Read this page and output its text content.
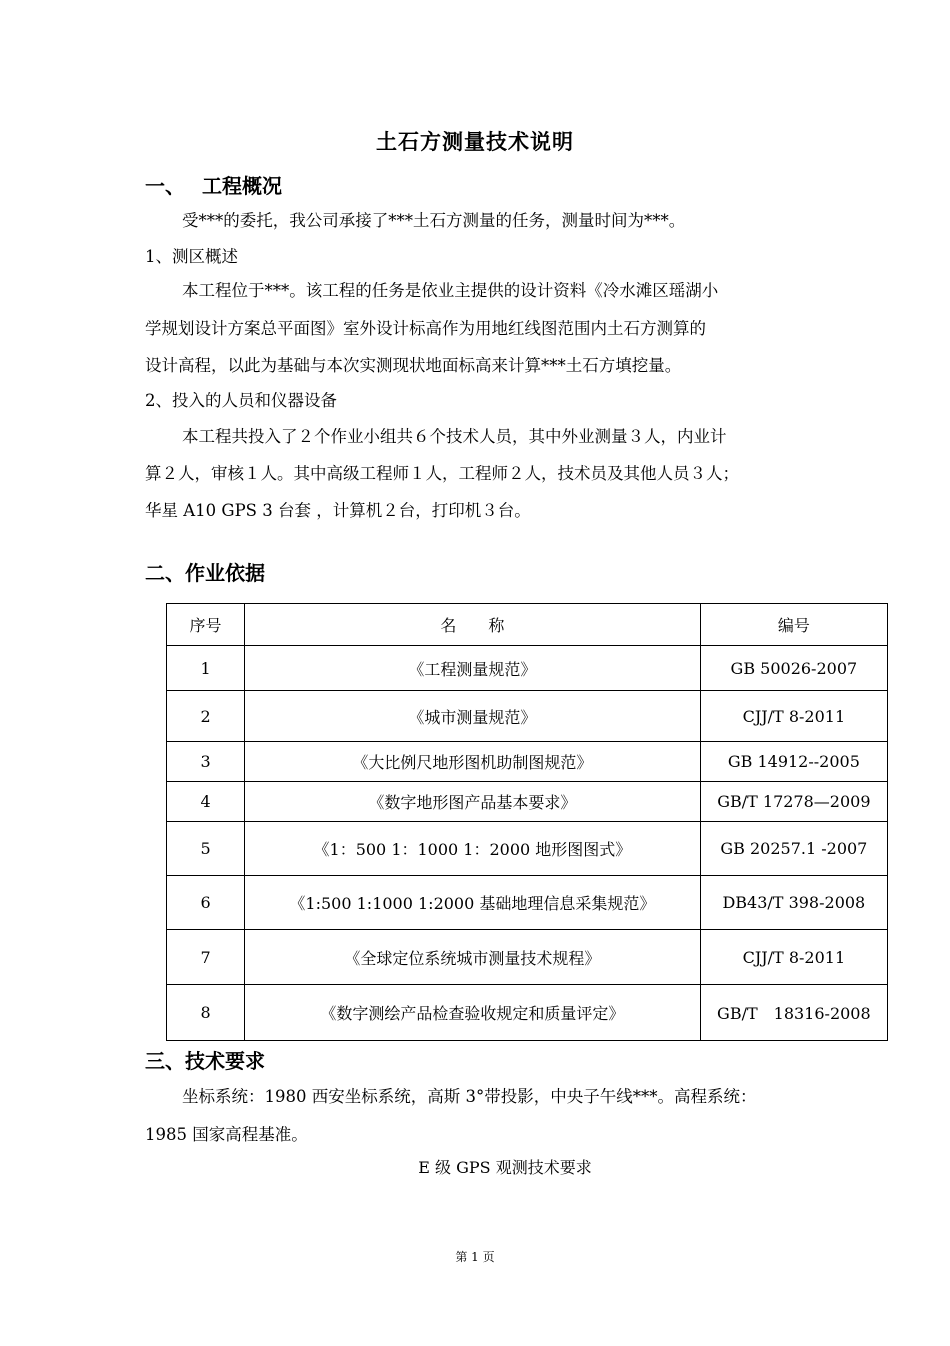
土石方测量技术说明
一、 工程概况
受***的委托，我公司承接了***土石方测量的任务，测量时间为***。
1、测区概述
本工程位于***。该工程的任务是依业主提供的设计资料《冷水滩区瑶湖小
学规划设计方案总平面图》室外设计标高作为用地红线图范围内土石方测算的
设计高程，以此为基础与本次实测现状地面标高来计算***土石方填挖量。
2、投入的人员和仪器设备
本工程共投入了２个作业小组共６个技术人员，其中外业测量３人，内业计
算２人，审核１人。其中高级工程师１人，工程师２人，技术员及其他人员３人；
华星 A10 GPS 3 台套 ，计算机２台，打印机３台。
二、作业依据
序号	名　　称	编号
1	《工程测量规范》	GB 50026-2007
2	《城市测量规范》	CJJ/T 8-2011
3	《大比例尺地形图机助制图规范》	GB 14912--2005
4	《数字地形图产品基本要求》	GB/T 17278—2009
5	《1：500 1：1000 1：2000 地形图图式》	GB 20257.1 -2007
6	《1:500 1:1000 1:2000 基础地理信息采集规范》	DB43/T 398-2008
7	《全球定位系统城市测量技术规程》	CJJ/T 8-2011
8	《数字测绘产品检查验收规定和质量评定》	GB/T　18316-2008
三、技术要求
坐标系统：1980 西安坐标系统，高斯 3°带投影，中央子午线***。高程系统：
1985 国家高程基准。
E 级 GPS 观测技术要求
第 1 页
